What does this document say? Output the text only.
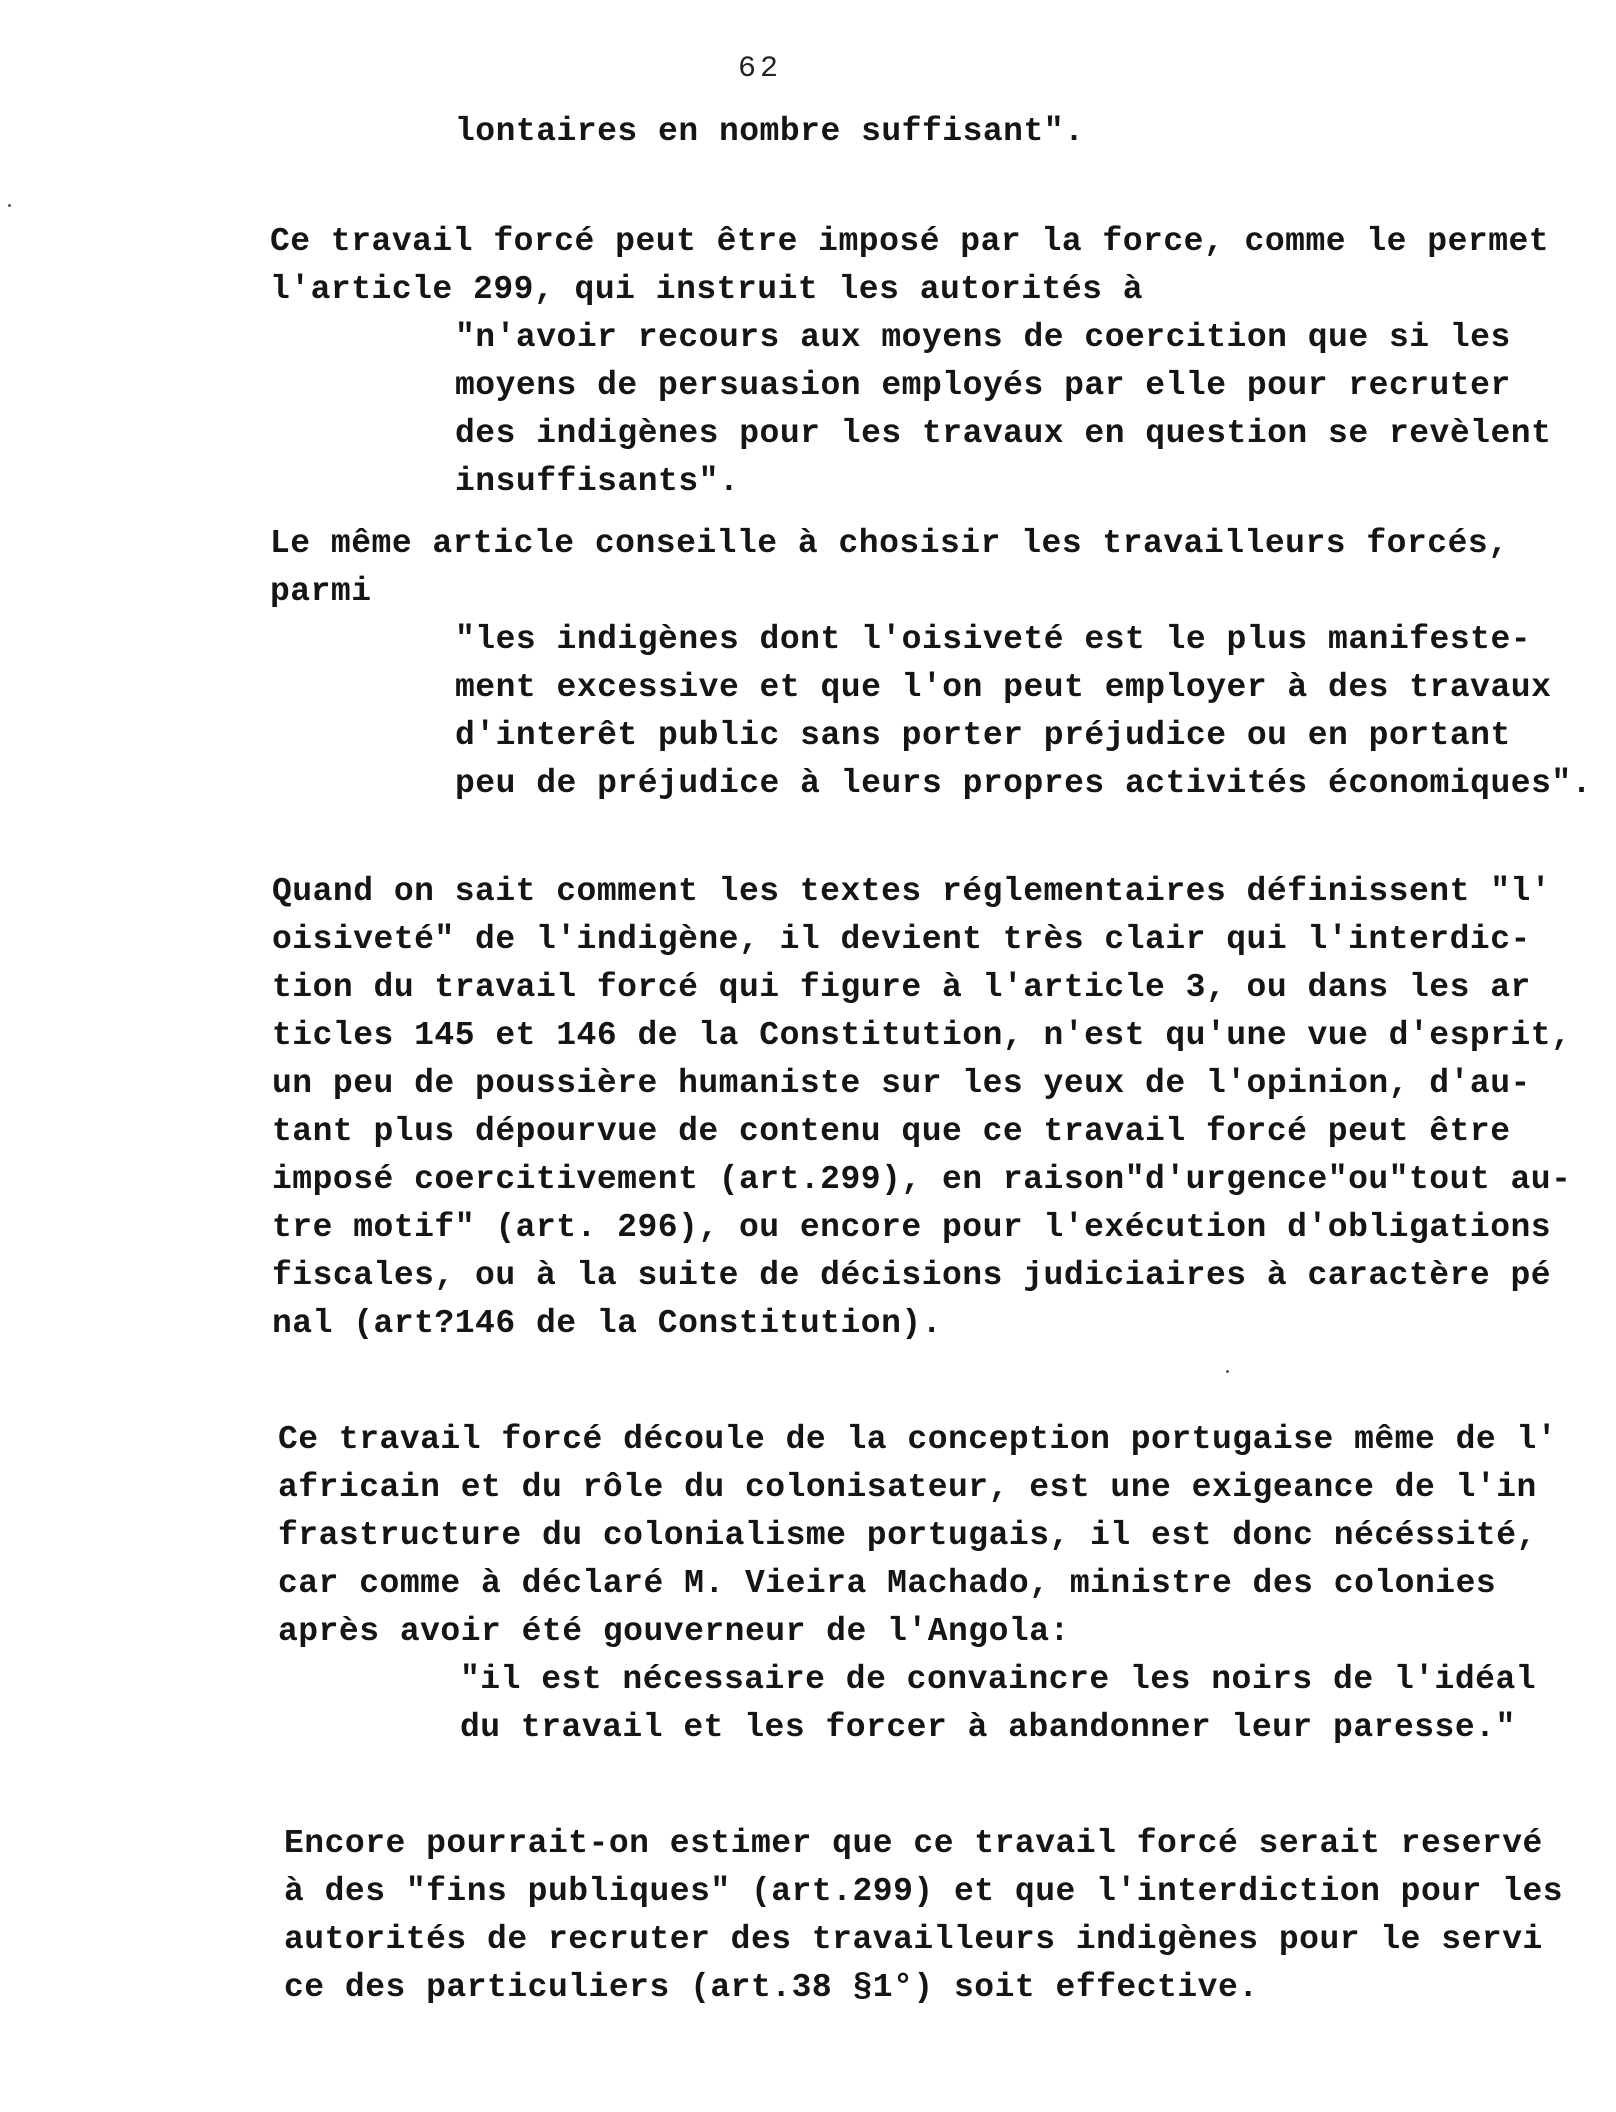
62
lontaires en nombre suffisant".
Ce travail forcé peut être imposé par la force, comme le permet
l'article 299, qui instruit les autorités à
"n'avoir recours aux moyens de coercition que si les
moyens de persuasion employés par elle pour recruter
des indigènes pour les travaux en question se revèlent
insuffisants".
Le même article conseille à chosisir les travailleurs forcés,
parmi
"les indigènes dont l'oisiveté est le plus manifeste-
ment excessive et que l'on peut employer à des travaux
d'interêt public sans porter préjudice ou en portant
peu de préjudice à leurs propres activités économiques".
Quand on sait comment les textes réglementaires définissent "l'
oisiveté" de l'indigène, il devient très clair qui l'interdic-
tion du travail forcé qui figure à l'article 3, ou dans les ar
ticles 145 et 146 de la Constitution, n'est qu'une vue d'esprit,
un peu de poussière humaniste sur les yeux de l'opinion, d'au-
tant plus dépourvue de contenu que ce travail forcé peut être
imposé coercitivement (art.299), en raison"d'urgence"ou"tout au-
tre motif" (art. 296), ou encore pour l'exécution d'obligations
fiscales, ou à la suite de décisions judiciaires à caractère pé
nal (art?146 de la Constitution).
Ce travail forcé découle de la conception portugaise même de l'
africain et du rôle du colonisateur, est une exigeance de l'in
frastructure du colonialisme portugais, il est donc nécéssité,
car comme à déclaré M. Vieira Machado, ministre des colonies
après avoir été gouverneur de l'Angola:
"il est nécessaire de convaincre les noirs de l'idéal
du travail et les forcer à abandonner leur paresse."
Encore pourrait-on estimer que ce travail forcé serait reservé
à des "fins publiques" (art.299) et que l'interdiction pour les
autorités de recruter des travailleurs indigènes pour le servi
ce des particuliers (art.38 §1°) soit effective.
